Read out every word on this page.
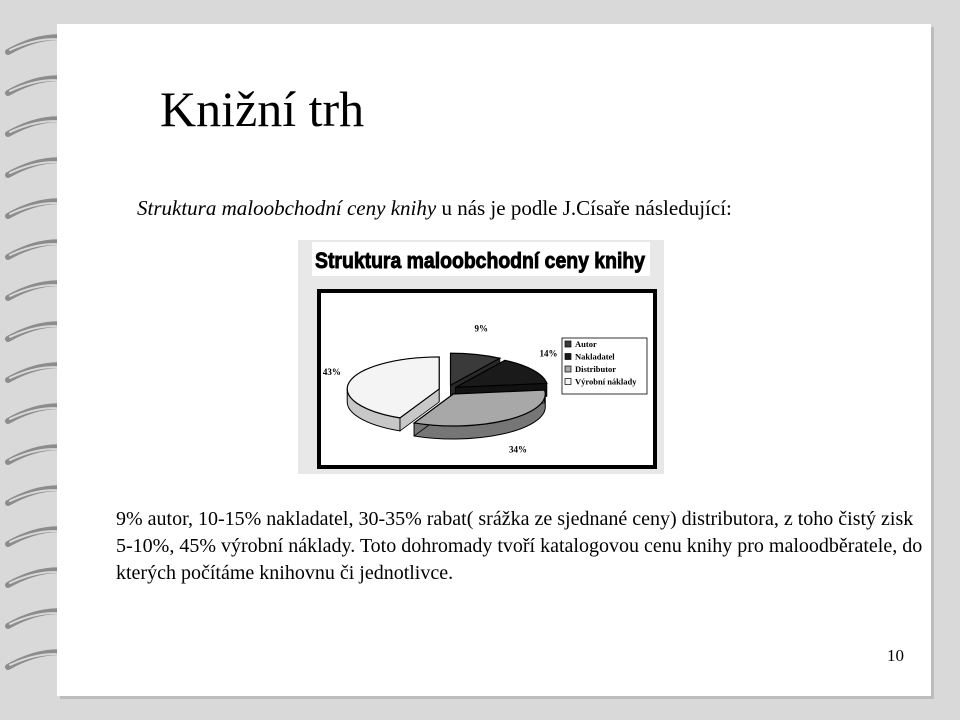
Knižní trh
Struktura maloobchodní ceny knihy u nás je podle J.Císaře následující:
Struktura maloobchodní ceny knihy
9%
14%
34%
43%
Autor
Nakladatel
Distributor
Výrobní náklady
9% autor, 10-15% nakladatel, 30-35% rabat( srážka ze sjednané ceny) distributora, z toho čistý zisk 5-10%, 45% výrobní náklady. Toto dohromady tvoří katalogovou cenu knihy pro maloodběratele, do kterých počítáme knihovnu či jednotlivce.
10
